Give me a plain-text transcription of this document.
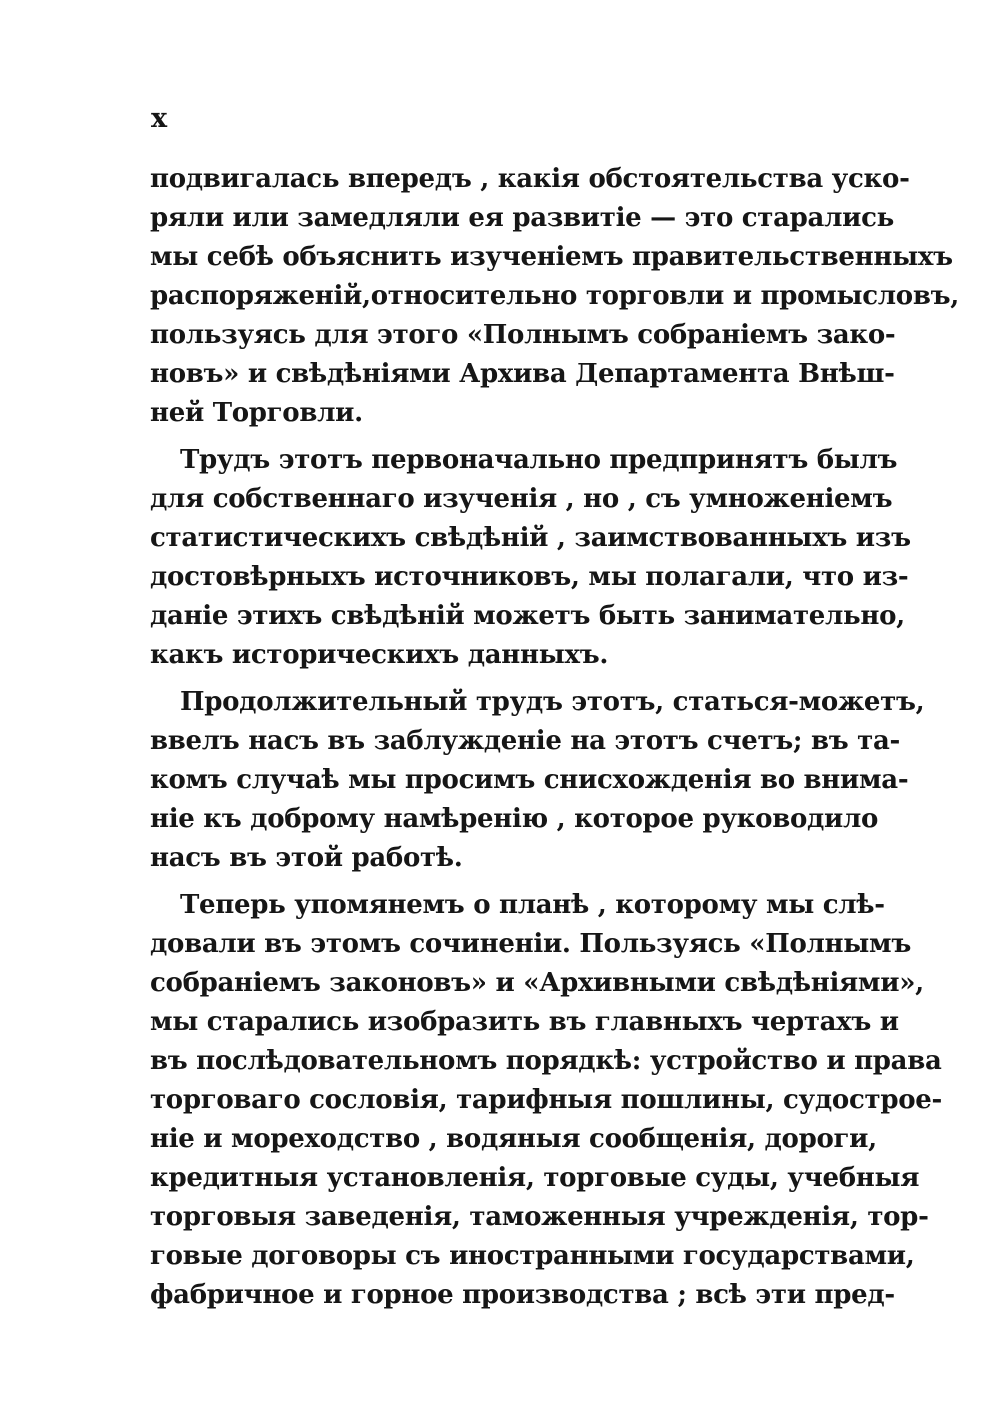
x
подвигалась впередъ , какія обстоятельства уско-
ряли или замедляли ея развитіе — это старались
мы себѣ объяснить изученіемъ правительственныхъ
распоряженій,относительно торговли и промысловъ,
пользуясь для этого «Полнымъ собраніемъ зако-
новъ» и свѣдѣніями Архива Департамента Внѣш-
ней Торговли.
Трудъ этотъ первоначально предпринятъ былъ
для собственнаго изученія , но , съ умноженіемъ
статистическихъ свѣдѣній , заимствованныхъ изъ
достовѣрныхъ источниковъ, мы полагали, что из-
даніе этихъ свѣдѣній можетъ быть занимательно,
какъ историческихъ данныхъ.
Продолжительный трудъ этотъ, статься-можетъ,
ввелъ насъ въ заблужденіе на этотъ счетъ; въ та-
комъ случаѣ мы просимъ снисхожденія во внима-
ніе къ доброму намѣренію , которое руководило
насъ въ этой работѣ.
Теперь упомянемъ о планѣ , которому мы слѣ-
довали въ этомъ сочиненіи. Пользуясь «Полнымъ
собраніемъ законовъ» и «Архивными свѣдѣніями»,
мы старались изобразить въ главныхъ чертахъ и
въ послѣдовательномъ порядкѣ: устройство и права
торговаго сословія, тарифныя пошлины, судострое-
ніе и мореходство , водяныя сообщенія, дороги,
кредитныя установленія, торговые суды, учебныя
торговыя заведенія, таможенныя учрежденія, тор-
говые договоры съ иностранными государствами,
фабричное и горное производства ; всѣ эти пред-
